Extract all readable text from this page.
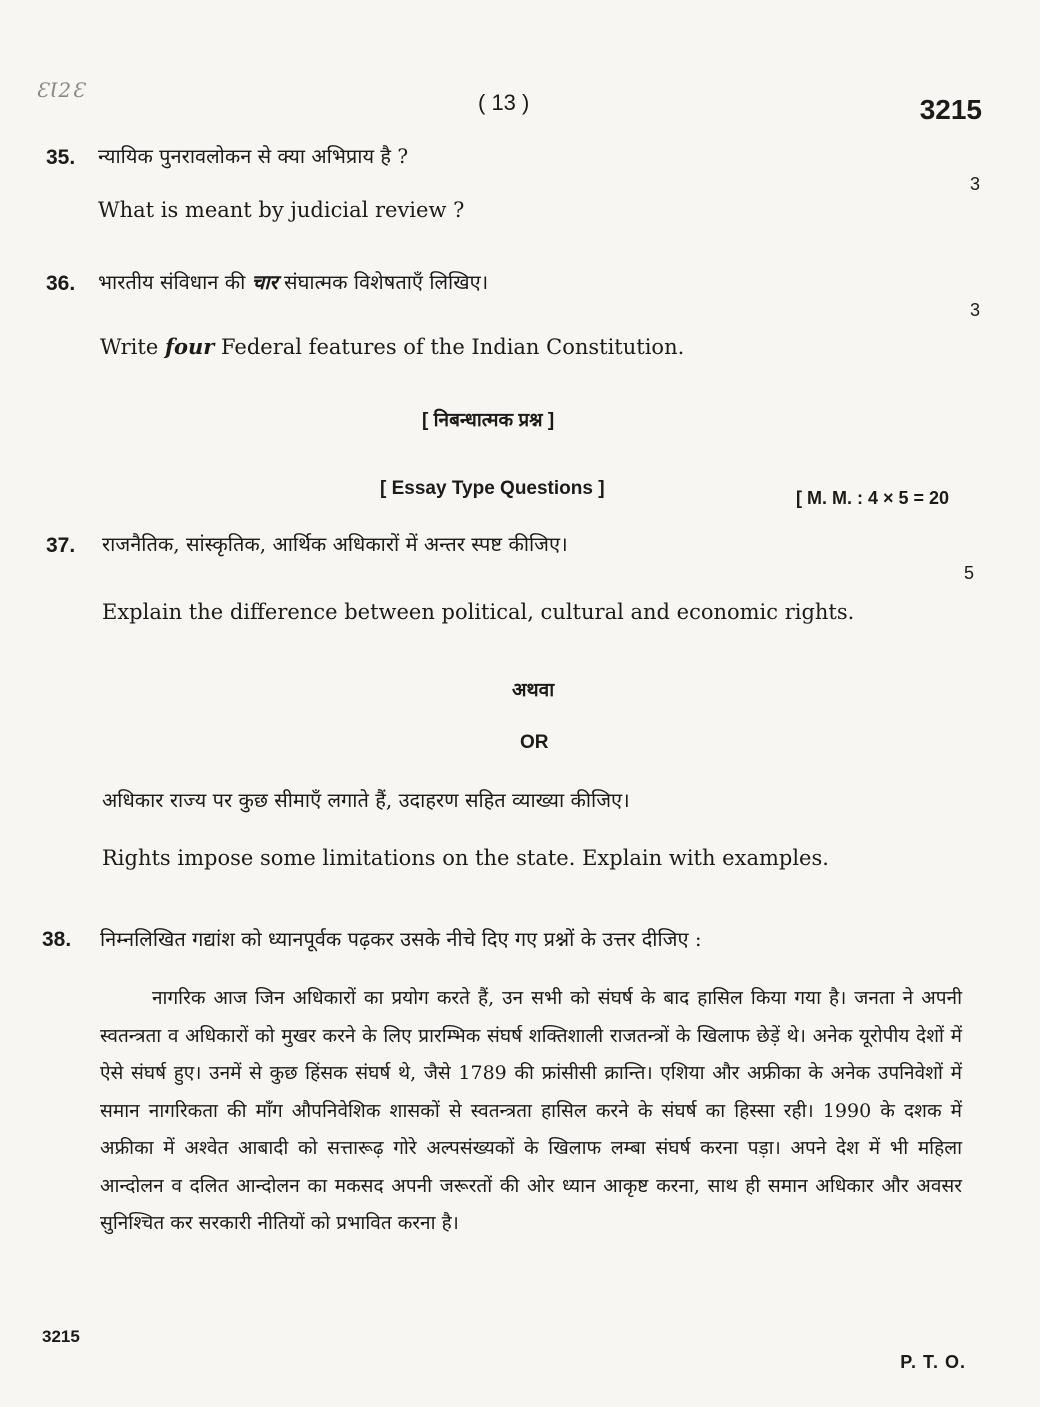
ƐƖ2Ɛ	( 13 )	3215
35. न्यायिक पुनरावलोकन से क्या अभिप्राय है ?
What is meant by judicial review ?
3
36. भारतीय संविधान की चार संघात्मक विशेषताएँ लिखिए।
Write four Federal features of the Indian Constitution.
3
[ निबन्धात्मक प्रश्न ]
[ Essay Type Questions ]	[ M. M. : 4 × 5 = 20
37. राजनैतिक, सांस्कृतिक, आर्थिक अधिकारों में अन्तर स्पष्ट कीजिए।
Explain the difference between political, cultural and economic rights.
5
अथवा
OR
अधिकार राज्य पर कुछ सीमाएँ लगाते हैं, उदाहरण सहित व्याख्या कीजिए।
Rights impose some limitations on the state. Explain with examples.
38. निम्नलिखित गद्यांश को ध्यानपूर्वक पढ़कर उसके नीचे दिए गए प्रश्नों के उत्तर दीजिए :
नागरिक आज जिन अधिकारों का प्रयोग करते हैं, उन सभी को संघर्ष के बाद हासिल किया गया है। जनता ने अपनी स्वतन्त्रता व अधिकारों को मुखर करने के लिए प्रारम्भिक संघर्ष शक्तिशाली राजतन्त्रों के खिलाफ छेड़ें थे। अनेक यूरोपीय देशों में ऐसे संघर्ष हुए। उनमें से कुछ हिंसक संघर्ष थे, जैसे 1789 की फ्रांसीसी क्रान्ति। एशिया और अफ्रीका के अनेक उपनिवेशों में समान नागरिकता की माँग औपनिवेशिक शासकों से स्वतन्त्रता हासिल करने के संघर्ष का हिस्सा रही। 1990 के दशक में अफ्रीका में अश्वेत आबादी को सत्तारूढ़ गोरे अल्पसंख्यकों के खिलाफ लम्बा संघर्ष करना पड़ा। अपने देश में भी महिला आन्दोलन व दलित आन्दोलन का मकसद अपनी जरूरतों की ओर ध्यान आकृष्ट करना, साथ ही समान अधिकार और अवसर सुनिश्चित कर सरकारी नीतियों को प्रभावित करना है।
3215
P. T. O.
